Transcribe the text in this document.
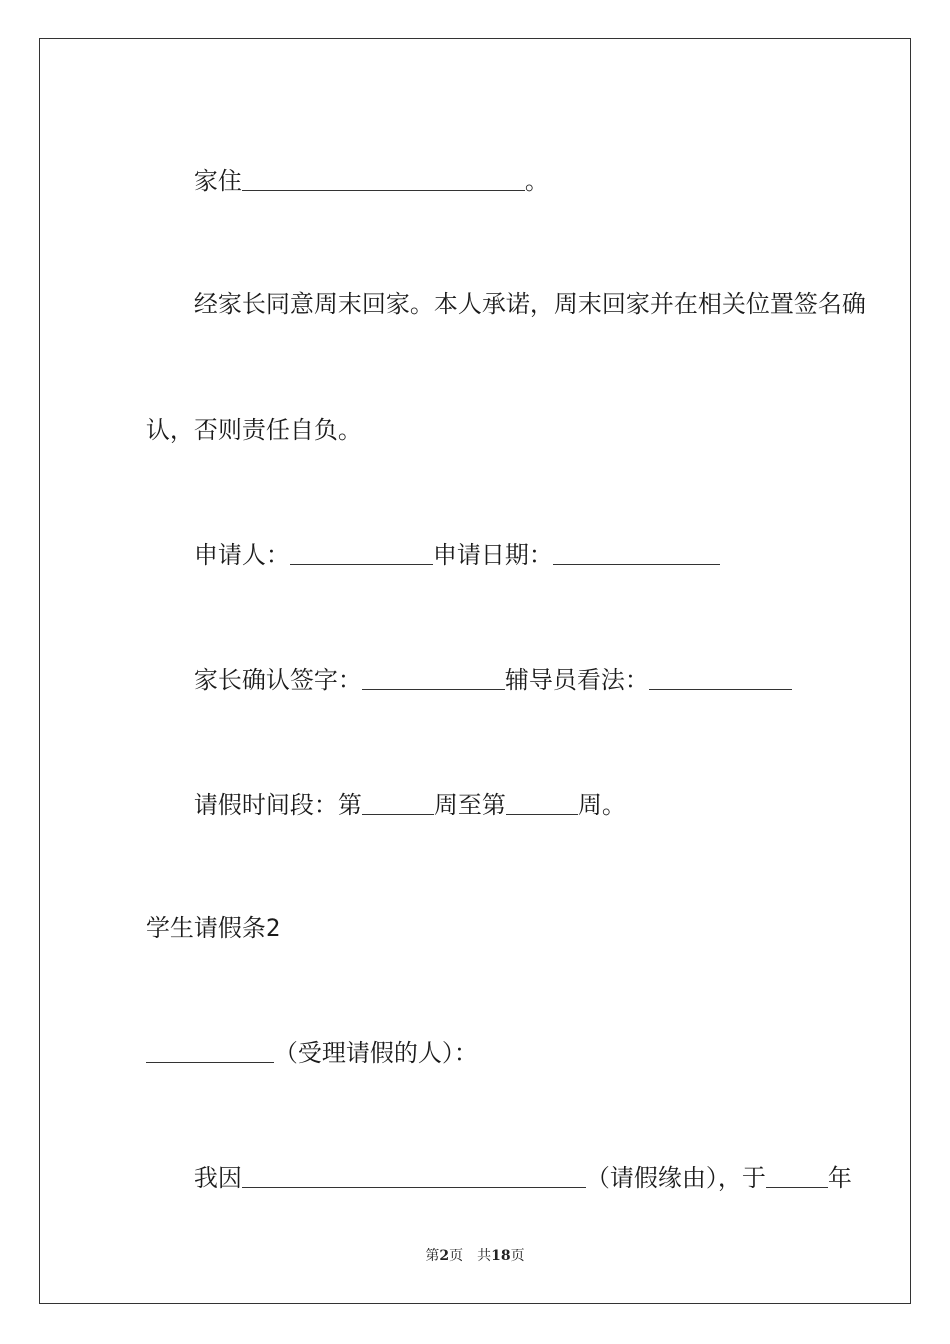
家住	。

经家长同意周末回家。本人承诺，周末回家并在相关位置签名确

认，否则责任自负。

申请人：	申请日期：

家长确认签字：	辅导员看法：

请假时间段：第	周至第	周。

学生请假条2

（受理请假的人）：

我因	（请假缘由），于	年

第2页 共18页
